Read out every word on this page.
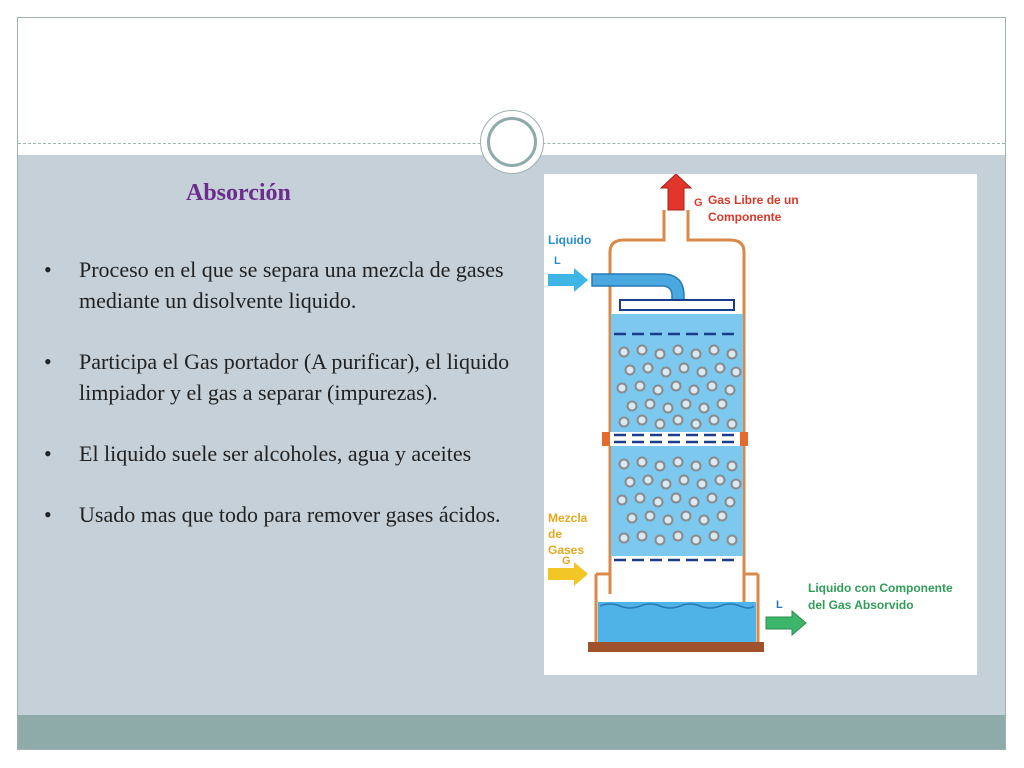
Absorción
• Proceso en el que se separa una mezcla de gases mediante un disolvente liquido.
• Participa el Gas portador (A purificar), el liquido limpiador y el gas a separar (impurezas).
• El liquido suele ser alcoholes, agua y aceites
• Usado mas que todo para remover gases ácidos.
G
L
G
L
Gas Libre de un
Componente
Liquido
Mezcla
de
Gases
Liquido con Componente
del Gas Absorvido
